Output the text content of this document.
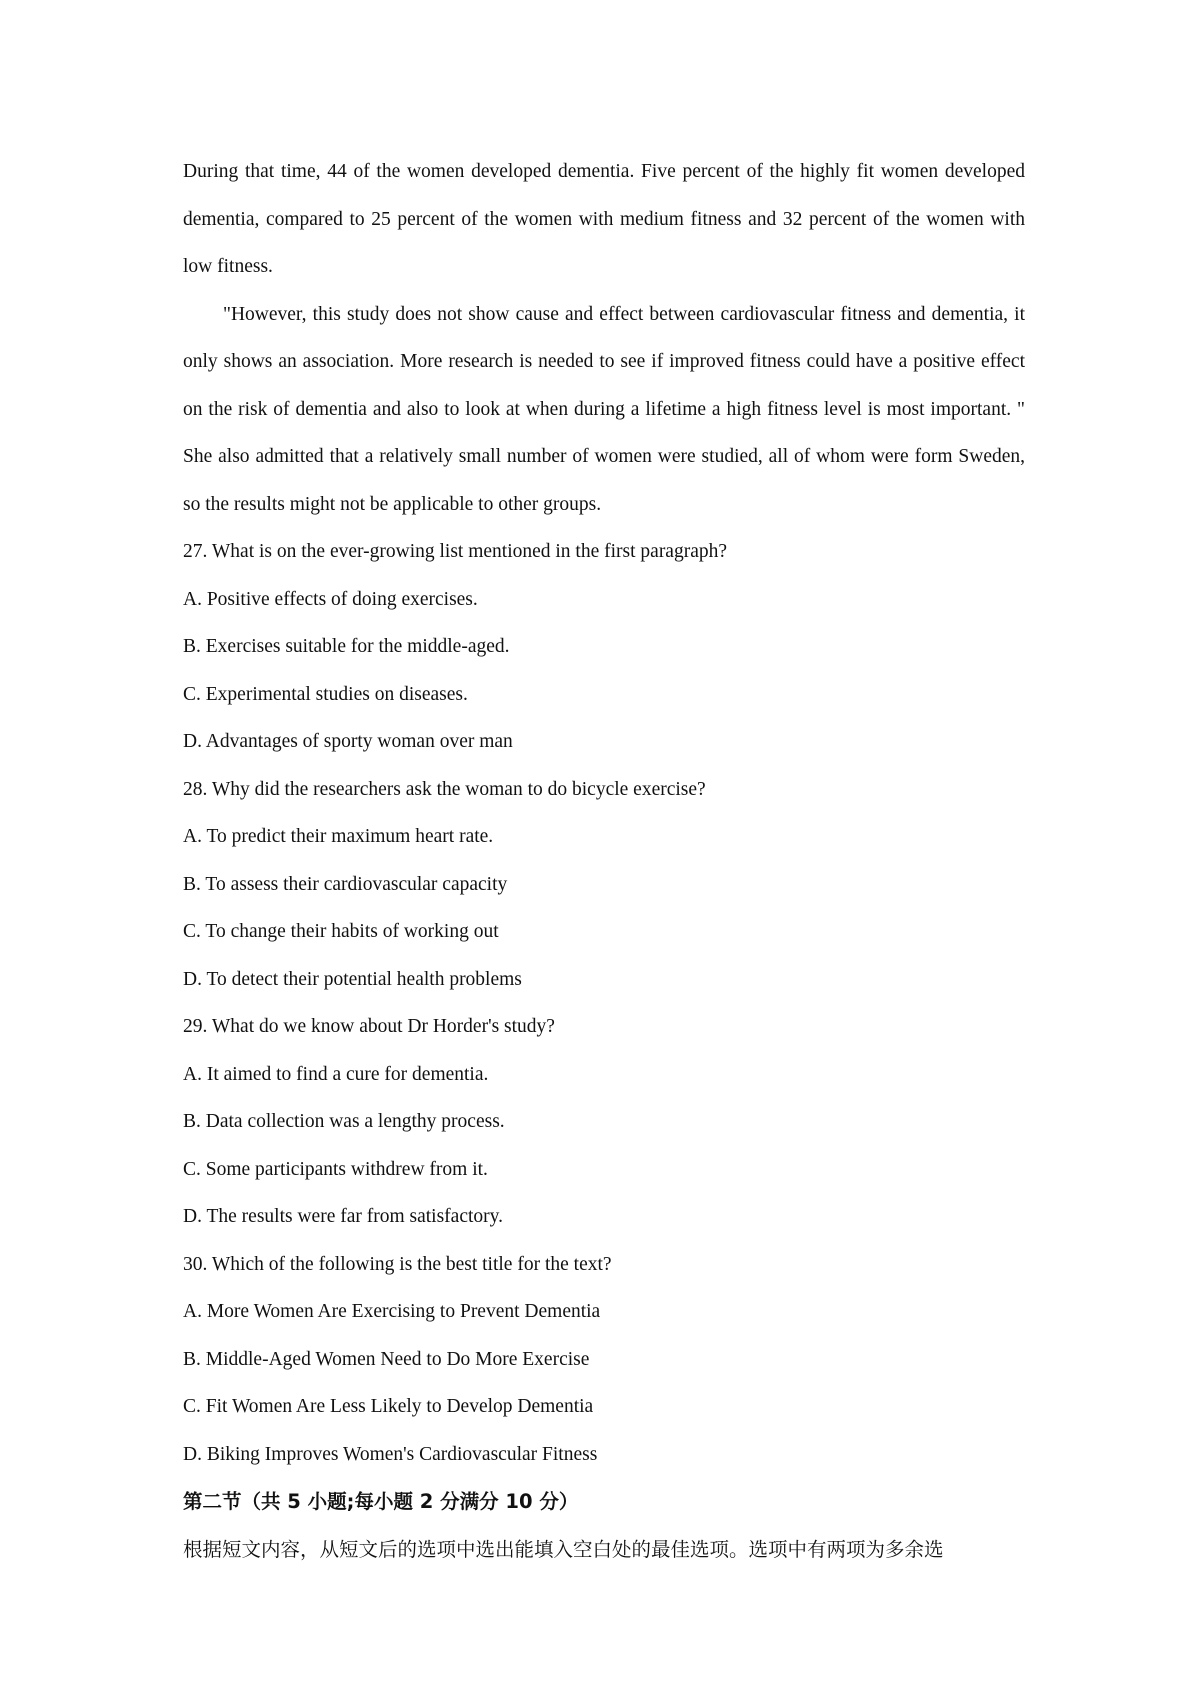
During that time, 44 of the women developed dementia. Five percent of the highly fit women developed dementia, compared to 25 percent of the women with medium fitness and 32 percent of the women with low fitness.

"However, this study does not show cause and effect between cardiovascular fitness and dementia, it only shows an association. More research is needed to see if improved fitness could have a positive effect on the risk of dementia and also to look at when during a lifetime a high fitness level is most important. " She also admitted that a relatively small number of women were studied, all of whom were form Sweden, so the results might not be applicable to other groups.

27. What is on the ever-growing list mentioned in the first paragraph?

A. Positive effects of doing exercises.

B. Exercises suitable for the middle-aged.

C. Experimental studies on diseases.

D. Advantages of sporty woman over man

28. Why did the researchers ask the woman to do bicycle exercise?

A. To predict their maximum heart rate.

B. To assess their cardiovascular capacity

C. To change their habits of working out

D. To detect their potential health problems

29. What do we know about Dr Horder's study?

A. It aimed to find a cure for dementia.

B. Data collection was a lengthy process.

C. Some participants withdrew from it.

D. The results were far from satisfactory.

30. Which of the following is the best title for the text?

A. More Women Are Exercising to Prevent Dementia

B. Middle-Aged Women Need to Do More Exercise

C. Fit Women Are Less Likely to Develop Dementia

D. Biking Improves Women's Cardiovascular Fitness

第二节（共 5 小题;每小题 2 分满分 10 分）

根据短文内容，从短文后的选项中选出能填入空白处的最佳选项。选项中有两项为多余选
